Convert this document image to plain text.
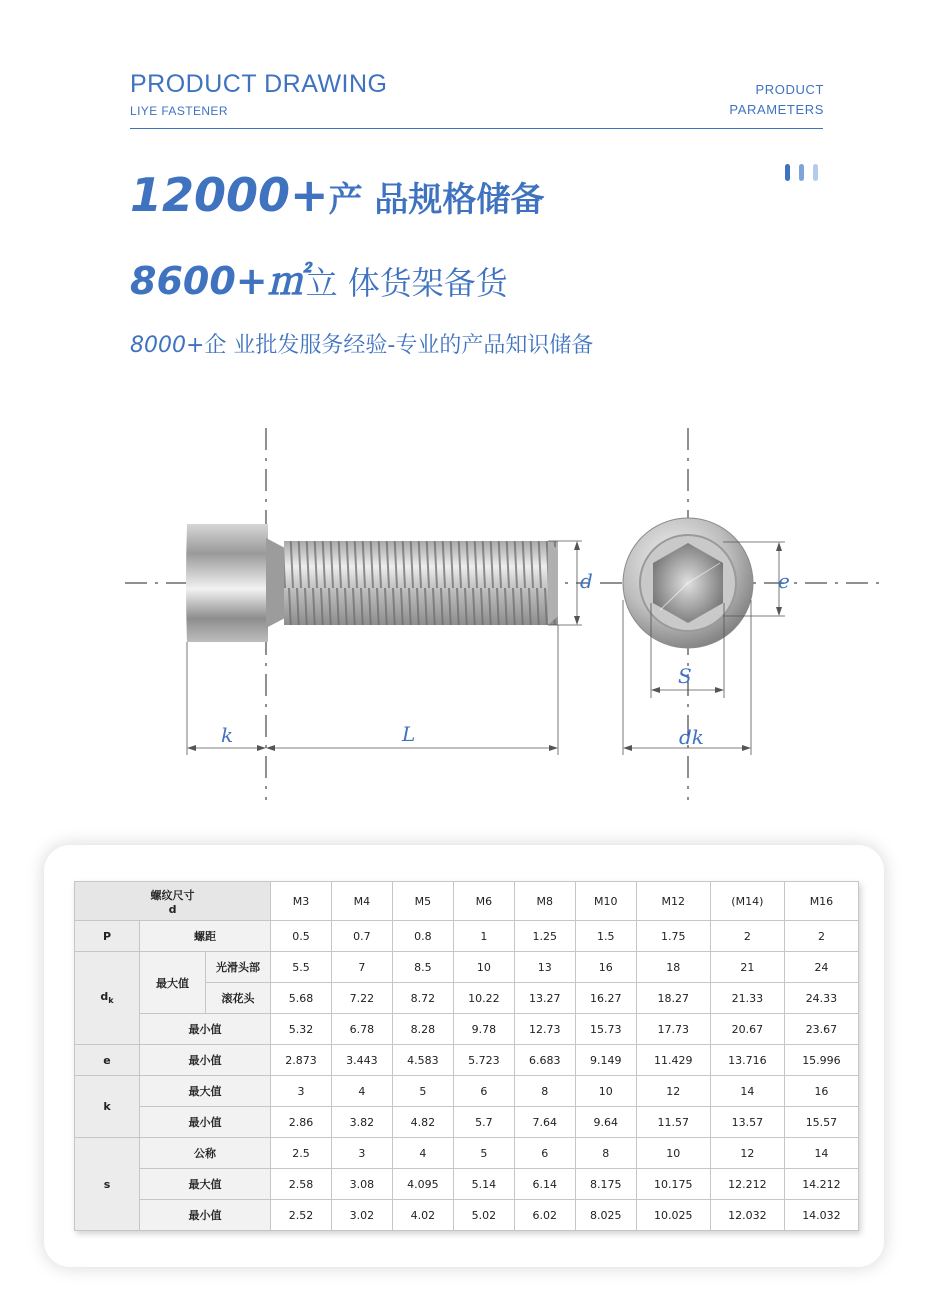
PRODUCT DRAWING
LIYE FASTENER
PRODUCT
PARAMETERS
12000+产 品规格储备
8600+㎡立 体货架备货
8000+企 业批发服务经验-专业的产品知识储备
d	e
k	L
S
dk
螺纹尺寸
d			M3	M4	M5	M6	M8	M10	M12	(M14)	M16
P	螺距		0.5	0.7	0.8	1	1.25	1.5	1.75	2	2
$d_k$	最大值	光滑头部	5.5	7	8.5	10	13	16	18	21	24
		滚花头	5.68	7.22	8.72	10.22	13.27	16.27	18.27	21.33	24.33
	最小值		5.32	6.78	8.28	9.78	12.73	15.73	17.73	20.67	23.67
e	最小值		2.873	3.443	4.583	5.723	6.683	9.149	11.429	13.716	15.996
k	最大值		3	4	5	6	8	10	12	14	16
	最小值		2.86	3.82	4.82	5.7	7.64	9.64	11.57	13.57	15.57
s	公称		2.5	3	4	5	6	8	10	12	14
	最大值		2.58	3.08	4.095	5.14	6.14	8.175	10.175	12.212	14.212
	最小值		2.52	3.02	4.02	5.02	6.02	8.025	10.025	12.032	14.032
